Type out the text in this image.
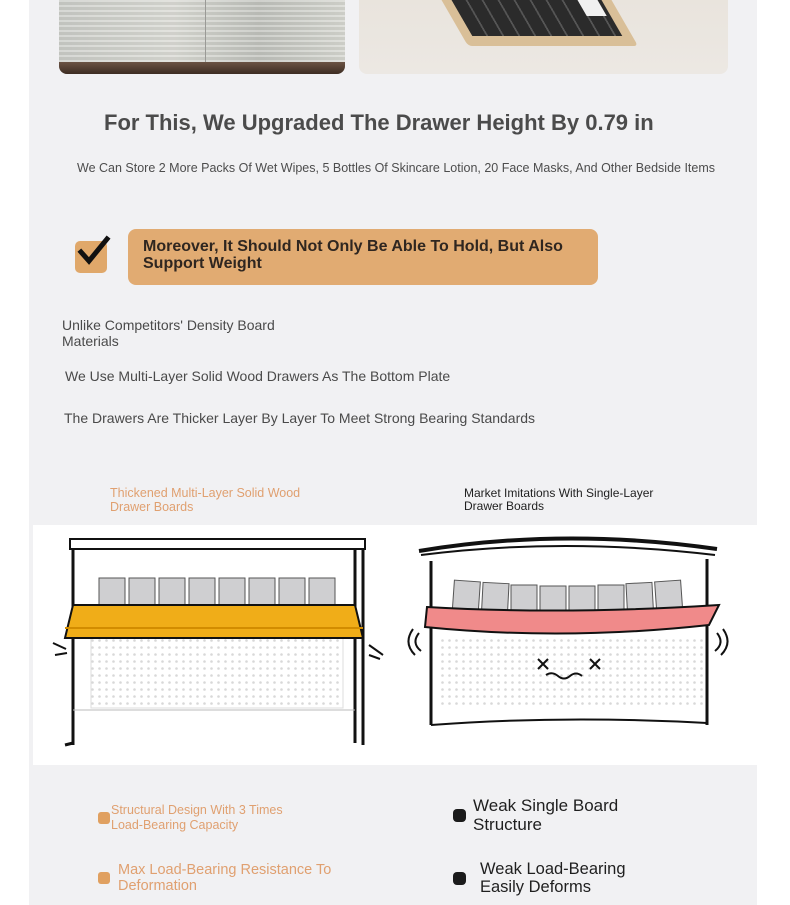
For This, We Upgraded The Drawer Height By 0.79 in
We Can Store 2 More Packs Of Wet Wipes, 5 Bottles Of Skincare Lotion, 20 Face Masks, And Other Bedside Items
Moreover, It Should Not Only Be Able To Hold, But Also Support Weight
Unlike Competitors' Density Board Materials
We Use Multi-Layer Solid Wood Drawers As The Bottom Plate
The Drawers Are Thicker Layer By Layer To Meet Strong Bearing Standards
Thickened Multi-Layer Solid Wood Drawer Boards
Market Imitations With Single-Layer Drawer Boards
Structural Design With 3 Times Load-Bearing Capacity
Max Load-Bearing Resistance To Deformation
Weak Single Board Structure
Weak Load-Bearing Easily Deforms
